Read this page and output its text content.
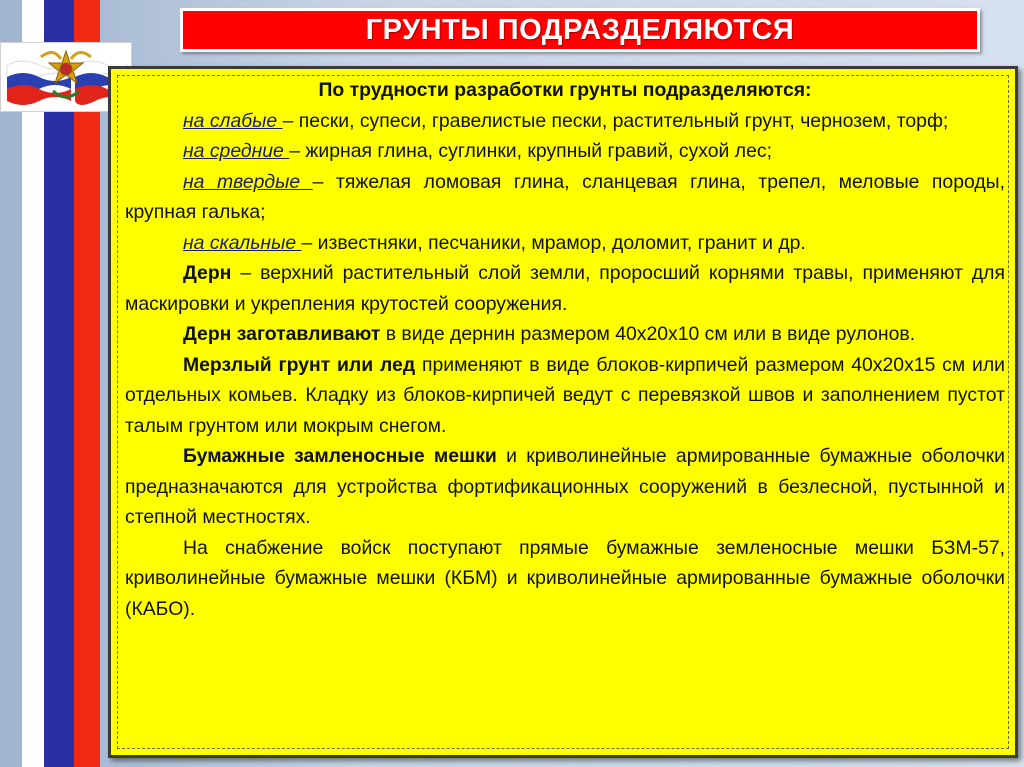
ГРУНТЫ ПОДРАЗДЕЛЯЮТСЯ
По трудности разработки грунты подразделяются:

на слабые – пески, супеси, гравелистые пески, растительный грунт, чернозем, торф;

на средние – жирная глина, суглинки, крупный гравий, сухой лес;

на твердые – тяжелая ломовая глина, сланцевая глина, трепел, меловые породы, крупная галька;

на скальные – известняки, песчаники, мрамор, доломит, гранит и др.

Дерн – верхний растительный слой земли, проросший корнями травы, применяют для маскировки и укрепления крутостей сооружения.

Дерн заготавливают в виде дернин размером 40х20х10 см или в виде рулонов.

Мерзлый грунт или лед применяют в виде блоков-кирпичей размером 40х20х15 см или отдельных комьев. Кладку из блоков-кирпичей ведут с перевязкой швов и заполнением пустот талым грунтом или мокрым снегом.

Бумажные замленосные мешки и криволинейные армированные бумажные оболочки предназначаются для устройства фортификационных сооружений в безлесной, пустынной и степной местностях.

На снабжение войск поступают прямые бумажные земленосные мешки БЗМ-57, криволинейные бумажные мешки (КБМ) и криволинейные армированные бумажные оболочки (КАБО).
